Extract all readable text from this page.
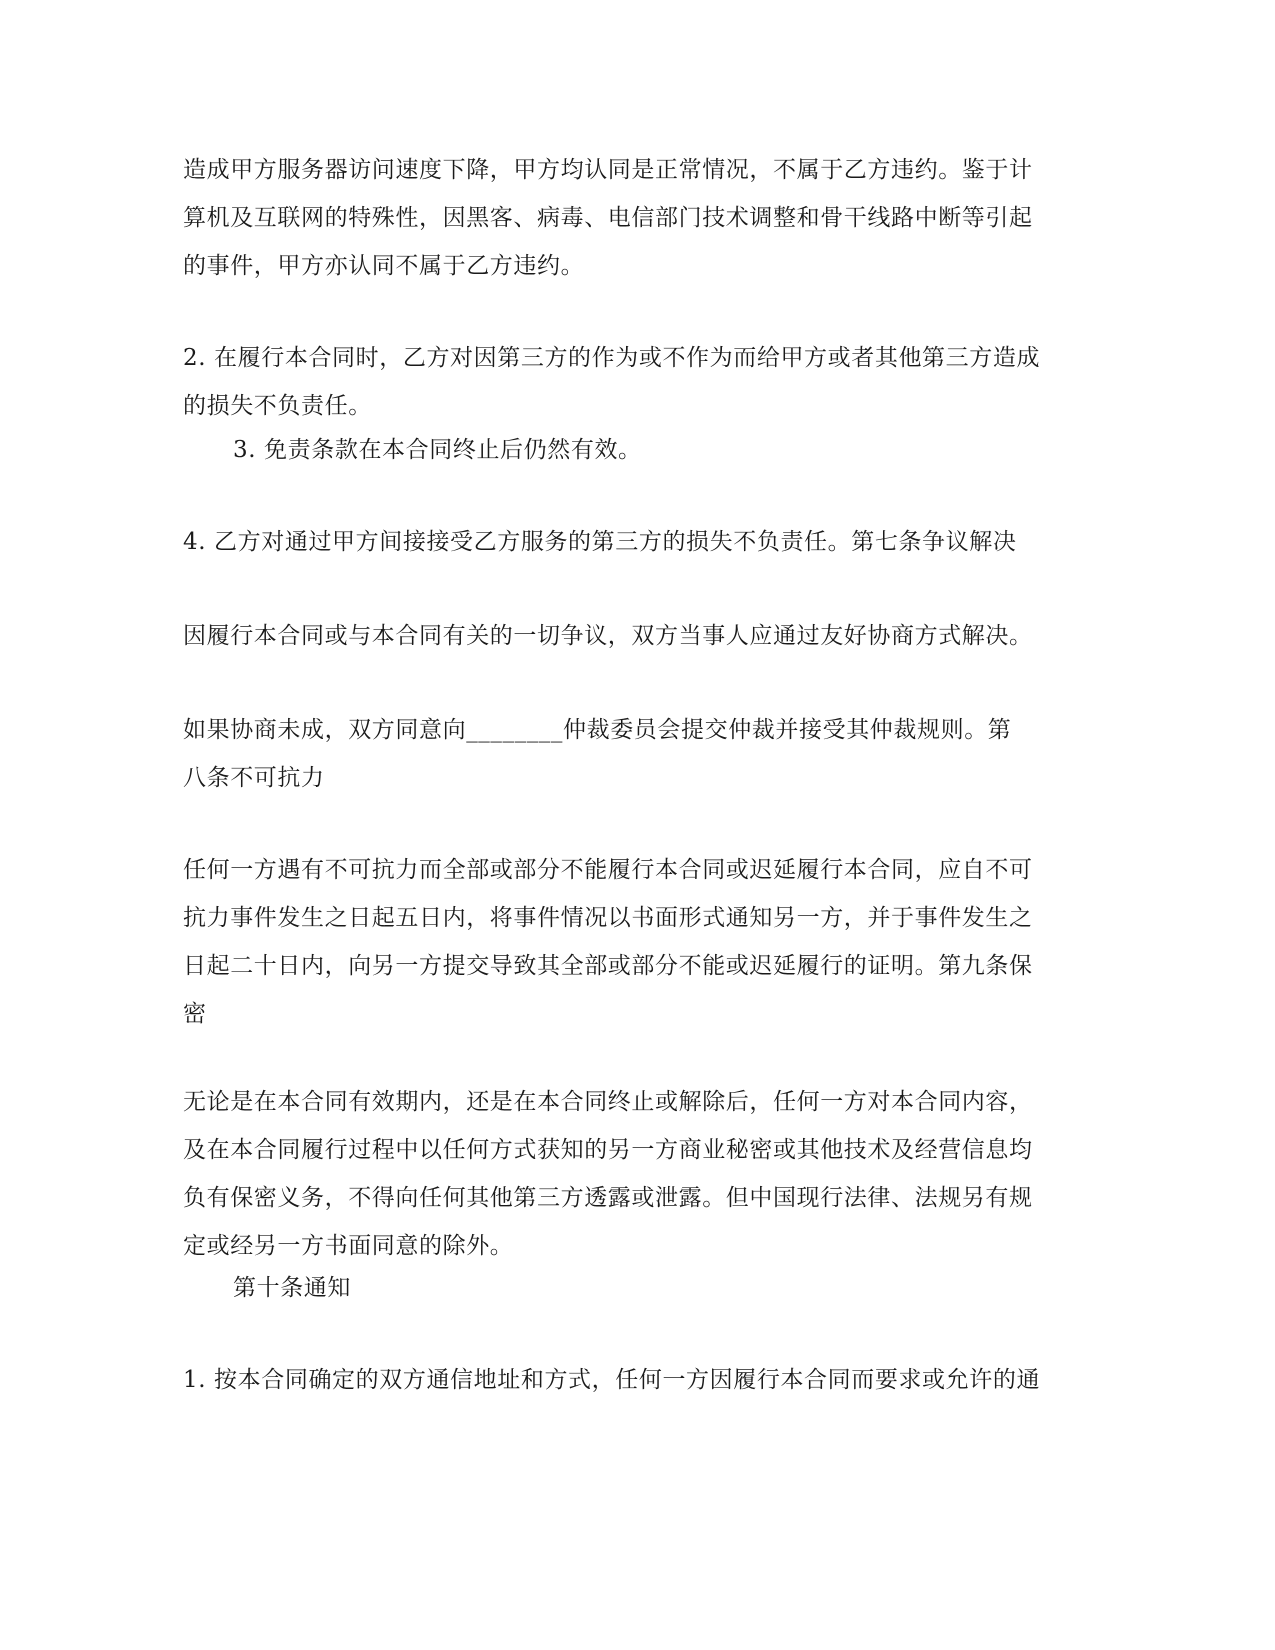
造成甲方服务器访问速度下降，甲方均认同是正常情况，不属于乙方违约。鉴于计
算机及互联网的特殊性，因黑客、病毒、电信部门技术调整和骨干线路中断等引起
的事件，甲方亦认同不属于乙方违约。

2. 在履行本合同时，乙方对因第三方的作为或不作为而给甲方或者其他第三方造成
的损失不负责任。

3. 免责条款在本合同终止后仍然有效。

4. 乙方对通过甲方间接接受乙方服务的第三方的损失不负责任。第七条争议解决

因履行本合同或与本合同有关的一切争议，双方当事人应通过友好协商方式解决。

如果协商未成，双方同意向________仲裁委员会提交仲裁并接受其仲裁规则。第
八条不可抗力

任何一方遇有不可抗力而全部或部分不能履行本合同或迟延履行本合同，应自不可
抗力事件发生之日起五日内，将事件情况以书面形式通知另一方，并于事件发生之
日起二十日内，向另一方提交导致其全部或部分不能或迟延履行的证明。第九条保
密

无论是在本合同有效期内，还是在本合同终止或解除后，任何一方对本合同内容，
及在本合同履行过程中以任何方式获知的另一方商业秘密或其他技术及经营信息均
负有保密义务，不得向任何其他第三方透露或泄露。但中国现行法律、法规另有规
定或经另一方书面同意的除外。

第十条通知

1. 按本合同确定的双方通信地址和方式，任何一方因履行本合同而要求或允许的通
